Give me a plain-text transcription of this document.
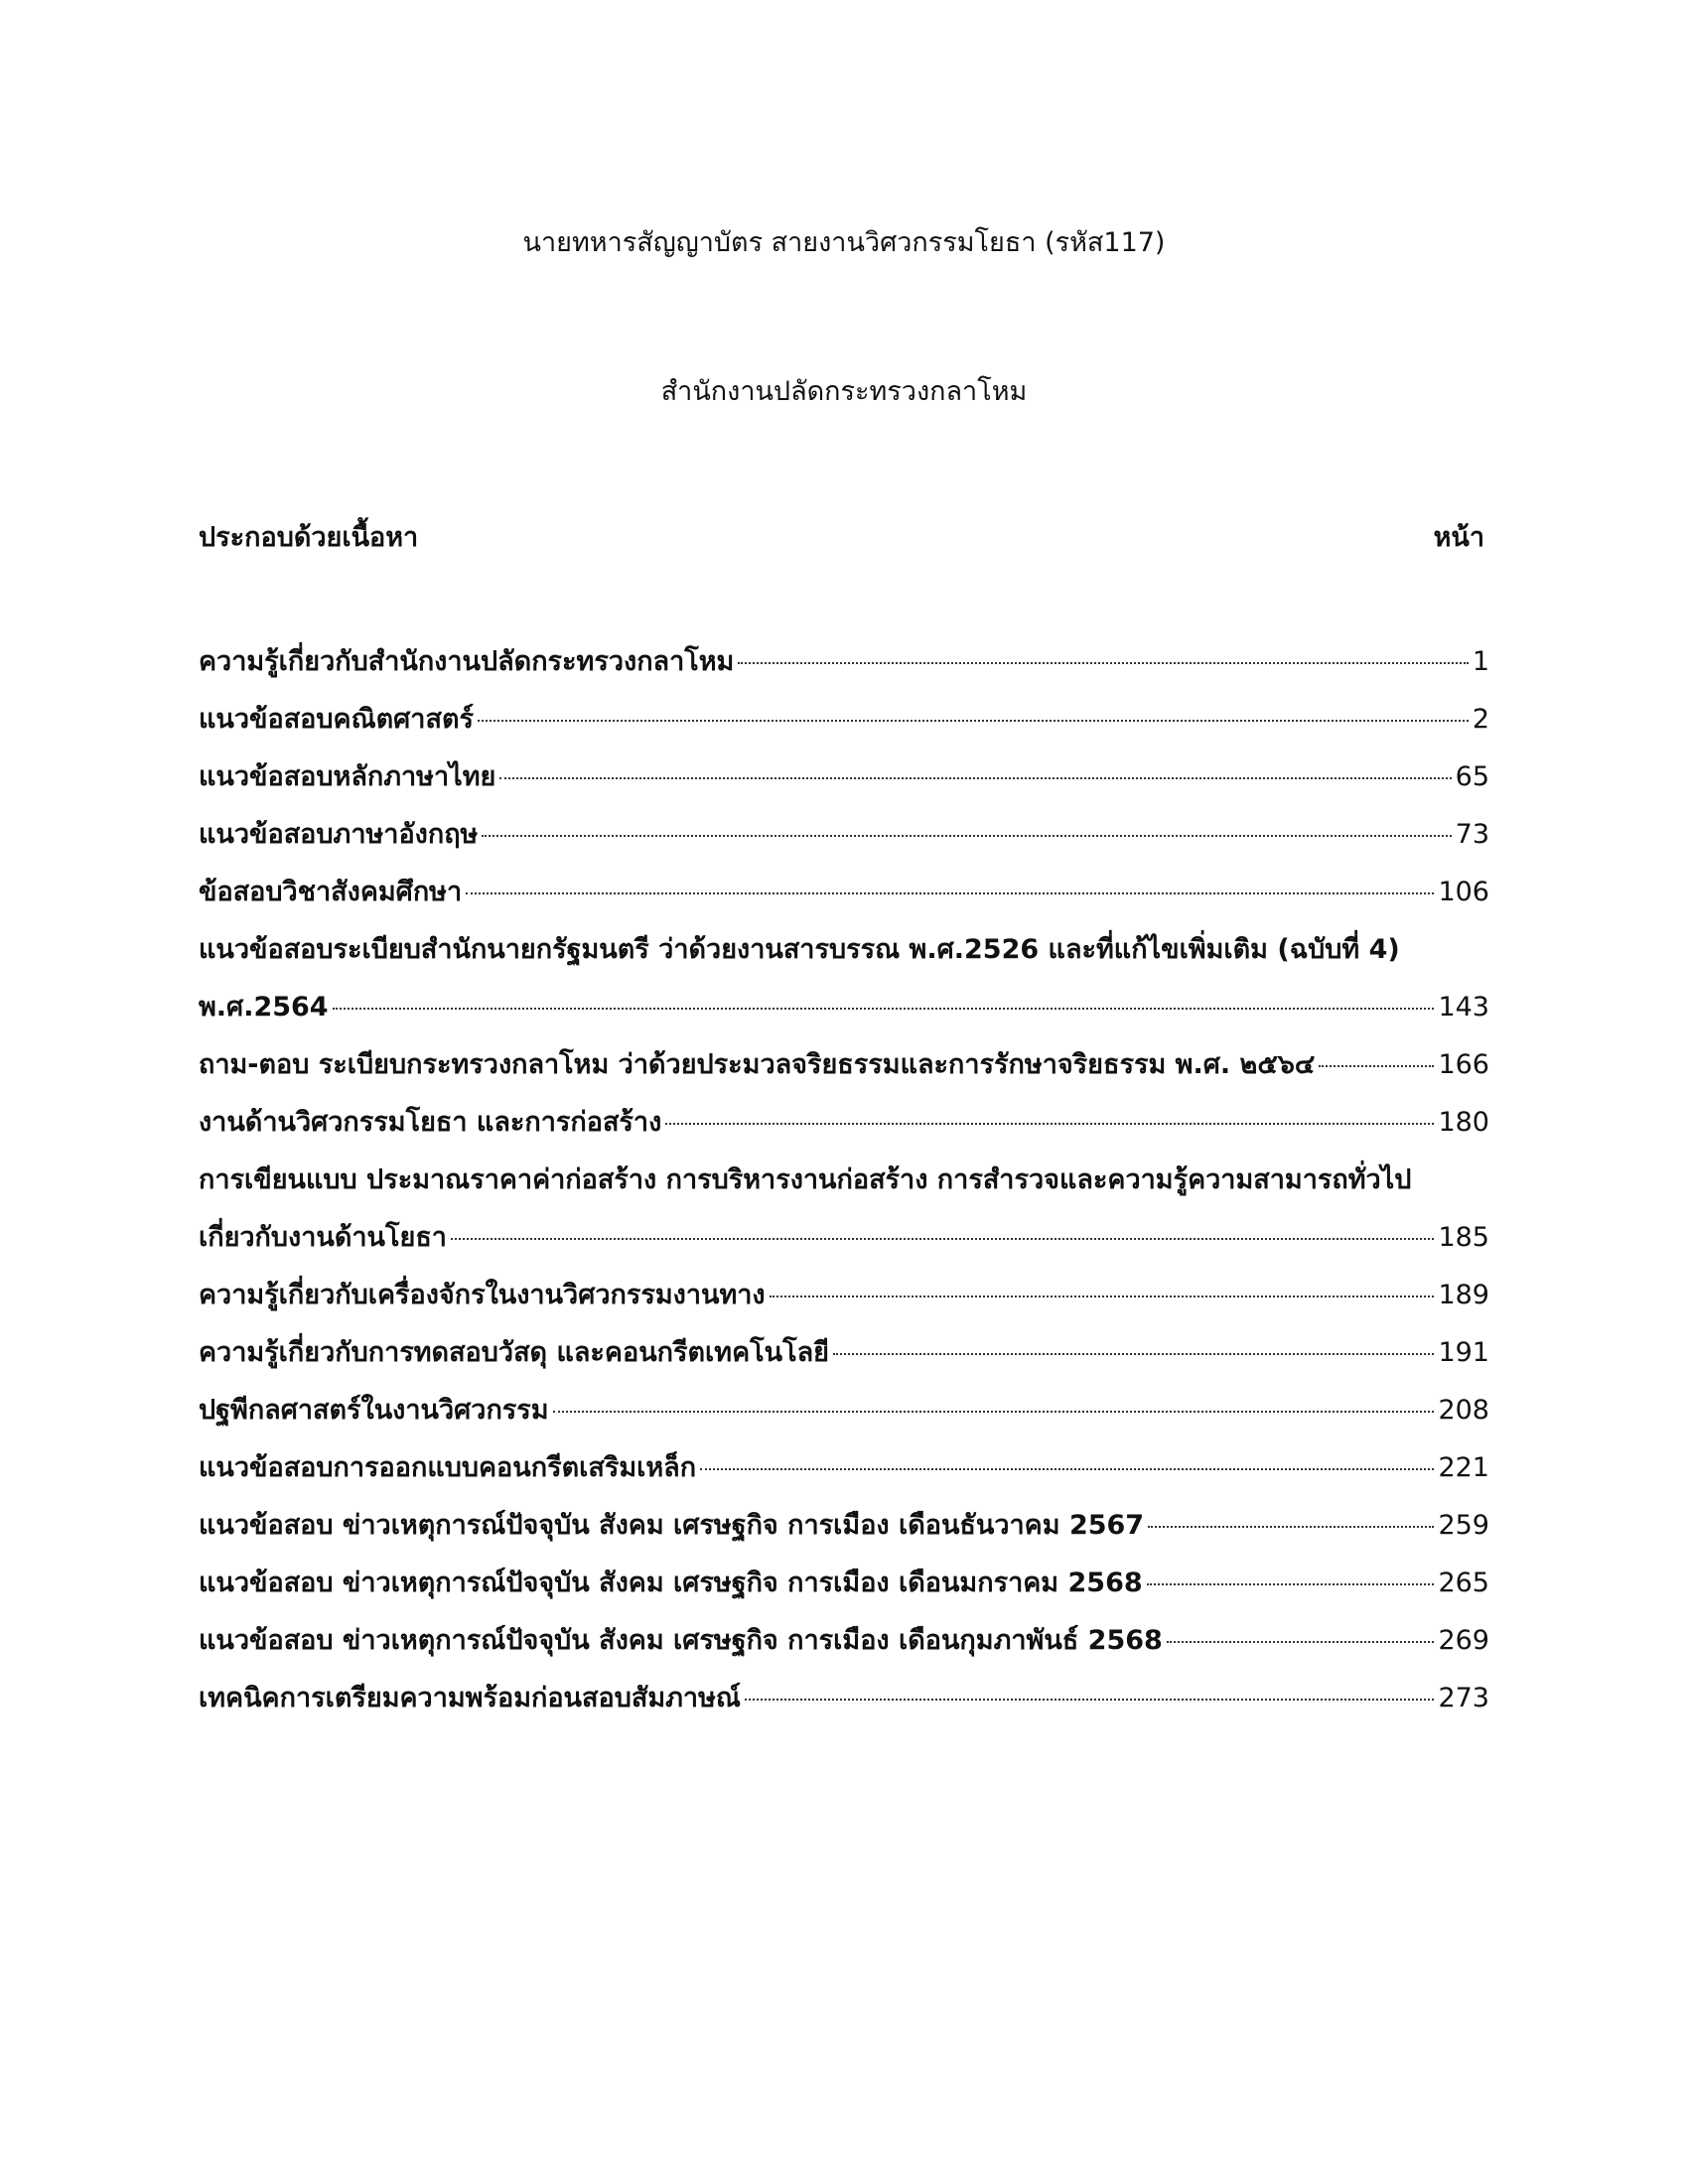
นายทหารสัญญาบัตร สายงานวิศวกรรมโยธา (รหัส117)
สำนักงานปลัดกระทรวงกลาโหม
ประกอบด้วยเนื้อหา	หน้า
ความรู้เกี่ยวกับสำนักงานปลัดกระทรวงกลาโหม	1
แนวข้อสอบคณิตศาสตร์	2
แนวข้อสอบหลักภาษาไทย	65
แนวข้อสอบภาษาอังกฤษ	73
ข้อสอบวิชาสังคมศึกษา	106
แนวข้อสอบระเบียบสำนักนายกรัฐมนตรี ว่าด้วยงานสารบรรณ พ.ศ.2526 และที่แก้ไขเพิ่มเติม (ฉบับที่ 4)
พ.ศ.2564	143
ถาม-ตอบ ระเบียบกระทรวงกลาโหม ว่าด้วยประมวลจริยธรรมและการรักษาจริยธรรม พ.ศ. ๒๕๖๔	166
งานด้านวิศวกรรมโยธา และการก่อสร้าง	180
การเขียนแบบ ประมาณราคาค่าก่อสร้าง การบริหารงานก่อสร้าง การสำรวจและความรู้ความสามารถทั่วไป
เกี่ยวกับงานด้านโยธา	185
ความรู้เกี่ยวกับเครื่องจักรในงานวิศวกรรมงานทาง	189
ความรู้เกี่ยวกับการทดสอบวัสดุ และคอนกรีตเทคโนโลยี	191
ปฐพีกลศาสตร์ในงานวิศวกรรม	208
แนวข้อสอบการออกแบบคอนกรีตเสริมเหล็ก	221
แนวข้อสอบ ข่าวเหตุการณ์ปัจจุบัน สังคม เศรษฐกิจ การเมือง เดือนธันวาคม 2567	259
แนวข้อสอบ ข่าวเหตุการณ์ปัจจุบัน สังคม เศรษฐกิจ การเมือง เดือนมกราคม 2568	265
แนวข้อสอบ ข่าวเหตุการณ์ปัจจุบัน สังคม เศรษฐกิจ การเมือง เดือนกุมภาพันธ์ 2568	269
เทคนิคการเตรียมความพร้อมก่อนสอบสัมภาษณ์	273
